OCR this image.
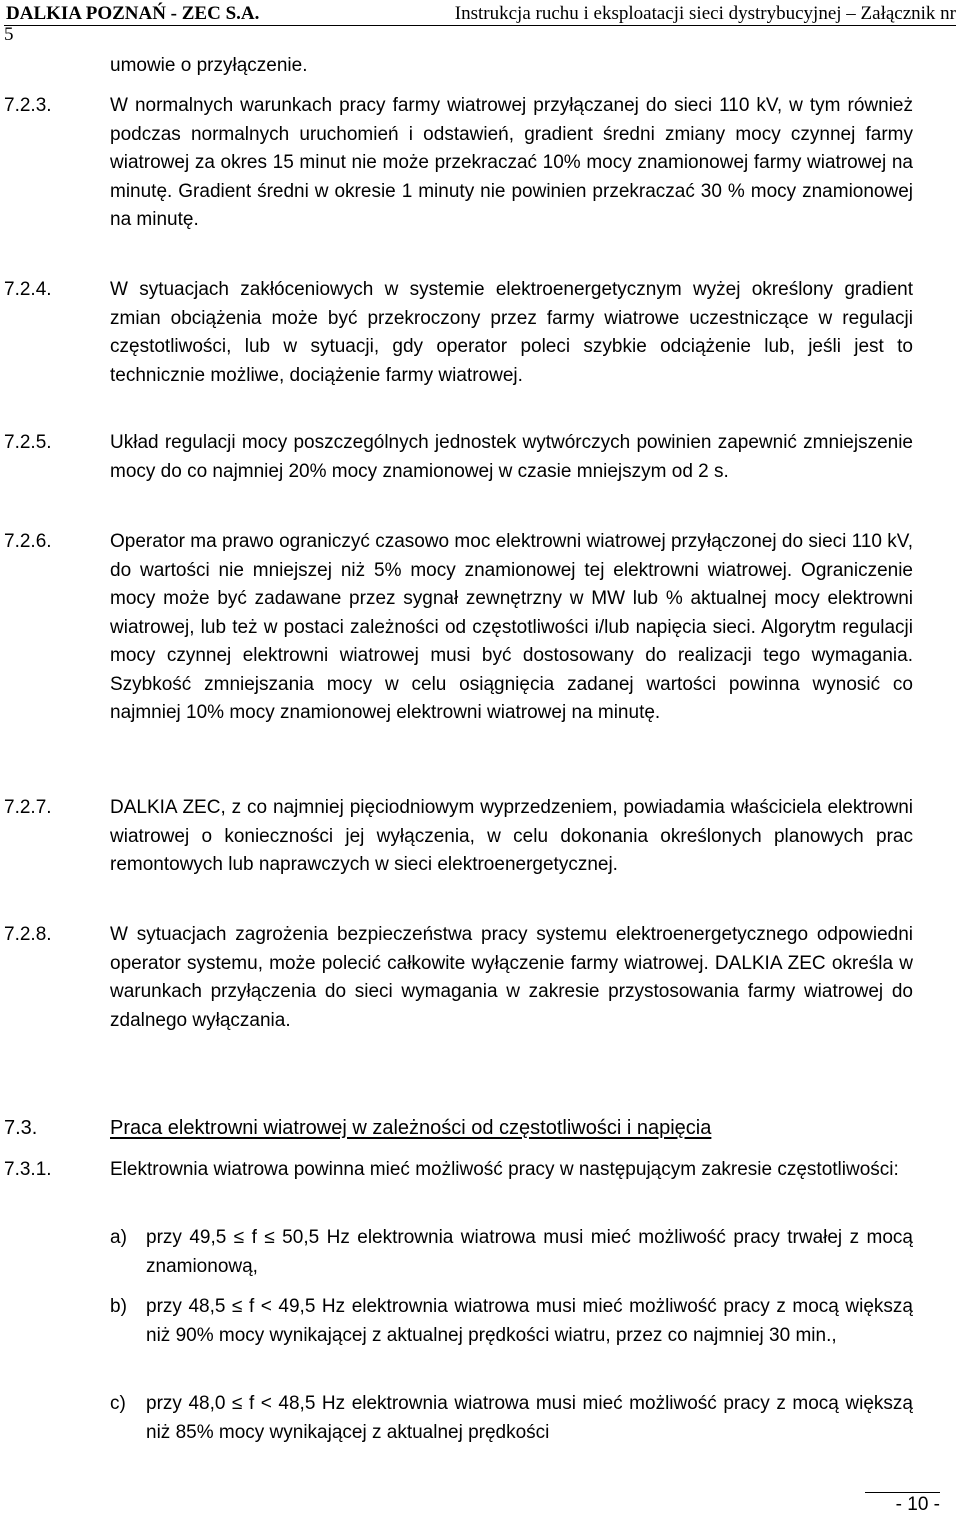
DALKIA POZNAŃ - ZEC S.A.	Instrukcja ruchu i eksploatacji sieci dystrybucyjnej – Załącznik nr
5
umowie o przyłączenie.
7.2.3.	W normalnych warunkach pracy farmy wiatrowej przyłączanej do sieci 110 kV, w tym również podczas normalnych uruchomień i odstawień, gradient średni zmiany mocy czynnej farmy wiatrowej za okres 15 minut nie może przekraczać 10% mocy znamionowej farmy wiatrowej na minutę. Gradient średni w okresie 1 minuty nie powinien przekraczać 30 % mocy znamionowej na minutę.
7.2.4.	W sytuacjach zakłóceniowych w systemie elektroenergetycznym wyżej określony gradient zmian obciążenia może być przekroczony przez farmy wiatrowe uczestniczące w regulacji częstotliwości, lub w sytuacji, gdy operator poleci szybkie odciążenie lub, jeśli jest to technicznie możliwe, dociążenie farmy wiatrowej.
7.2.5.	Układ regulacji mocy poszczególnych jednostek wytwórczych powinien zapewnić zmniejszenie mocy do co najmniej 20% mocy znamionowej w czasie mniejszym od 2 s.
7.2.6.	Operator ma prawo ograniczyć czasowo moc elektrowni wiatrowej przyłączonej do sieci 110 kV, do wartości nie mniejszej niż 5% mocy znamionowej tej elektrowni wiatrowej. Ograniczenie mocy może być zadawane przez sygnał zewnętrzny w MW lub % aktualnej mocy elektrowni wiatrowej, lub też w postaci zależności od częstotliwości i/lub napięcia sieci. Algorytm regulacji mocy czynnej elektrowni wiatrowej musi być dostosowany do realizacji tego wymagania. Szybkość zmniejszania mocy w celu osiągnięcia zadanej wartości powinna wynosić co najmniej 10% mocy znamionowej elektrowni wiatrowej na minutę.
7.2.7.	DALKIA ZEC, z co najmniej pięciodniowym wyprzedzeniem, powiadamia właściciela elektrowni wiatrowej o konieczności jej wyłączenia, w celu dokonania określonych planowych prac remontowych lub naprawczych w sieci elektroenergetycznej.
7.2.8.	W sytuacjach zagrożenia bezpieczeństwa pracy systemu elektroenergetycznego odpowiedni operator systemu, może polecić całkowite wyłączenie farmy wiatrowej. DALKIA ZEC określa w warunkach przyłączenia do sieci wymagania w zakresie przystosowania farmy wiatrowej do zdalnego wyłączania.
7.3.	Praca elektrowni wiatrowej w zależności od częstotliwości i napięcia
7.3.1.	Elektrownia wiatrowa powinna mieć możliwość pracy w następującym zakresie częstotliwości:
a)	przy 49,5 ≤ f ≤ 50,5 Hz elektrownia wiatrowa musi mieć możliwość pracy trwałej z mocą znamionową,
b)	przy 48,5 ≤ f < 49,5 Hz elektrownia wiatrowa musi mieć możliwość pracy z mocą większą niż 90% mocy wynikającej z aktualnej prędkości wiatru, przez co najmniej 30 min.,
c)	przy 48,0 ≤ f < 48,5 Hz elektrownia wiatrowa musi mieć możliwość pracy z mocą większą niż 85% mocy wynikającej z aktualnej prędkości
- 10 -
